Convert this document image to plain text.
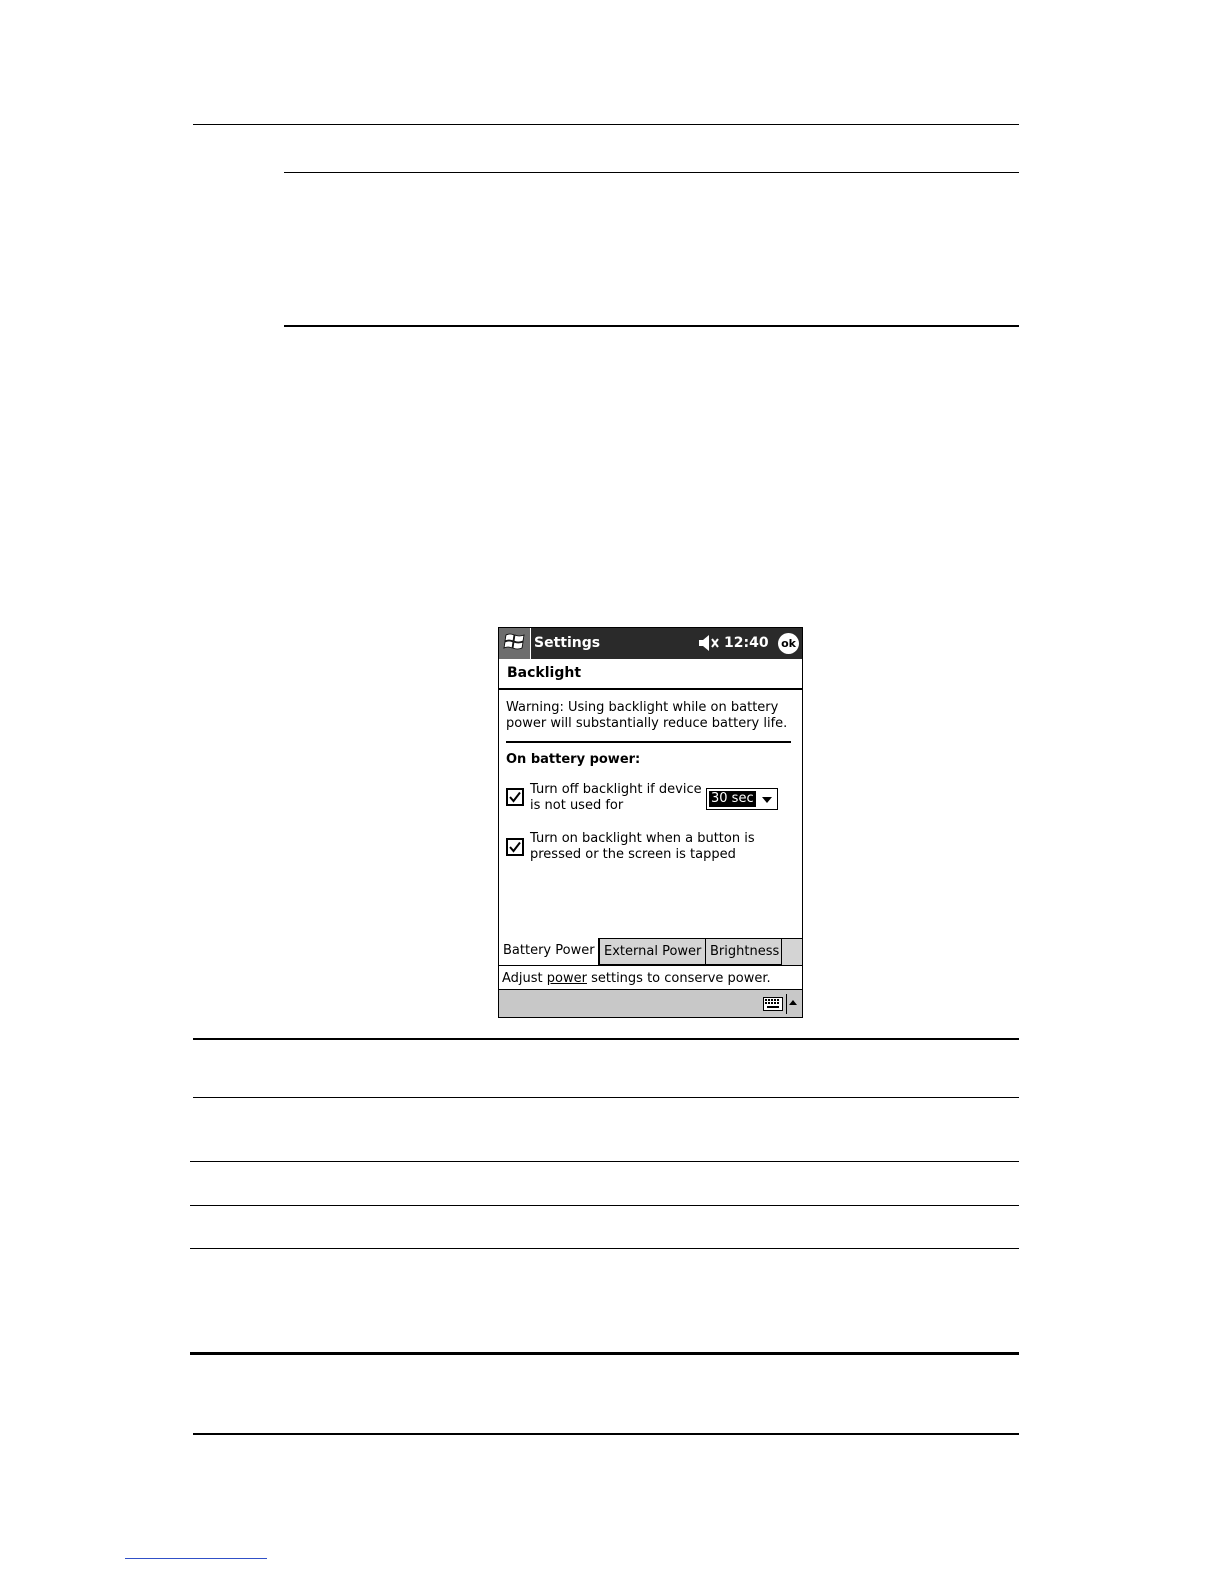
Settings	12:40 ok
Backlight
Warning: Using backlight while on battery power will substantially reduce battery life.
On battery power:
Turn off backlight if device
is not used for	30 sec
Turn on backlight when a button is
pressed or the screen is tapped
Battery Power External Power Brightness
Adjust power settings to conserve power.
